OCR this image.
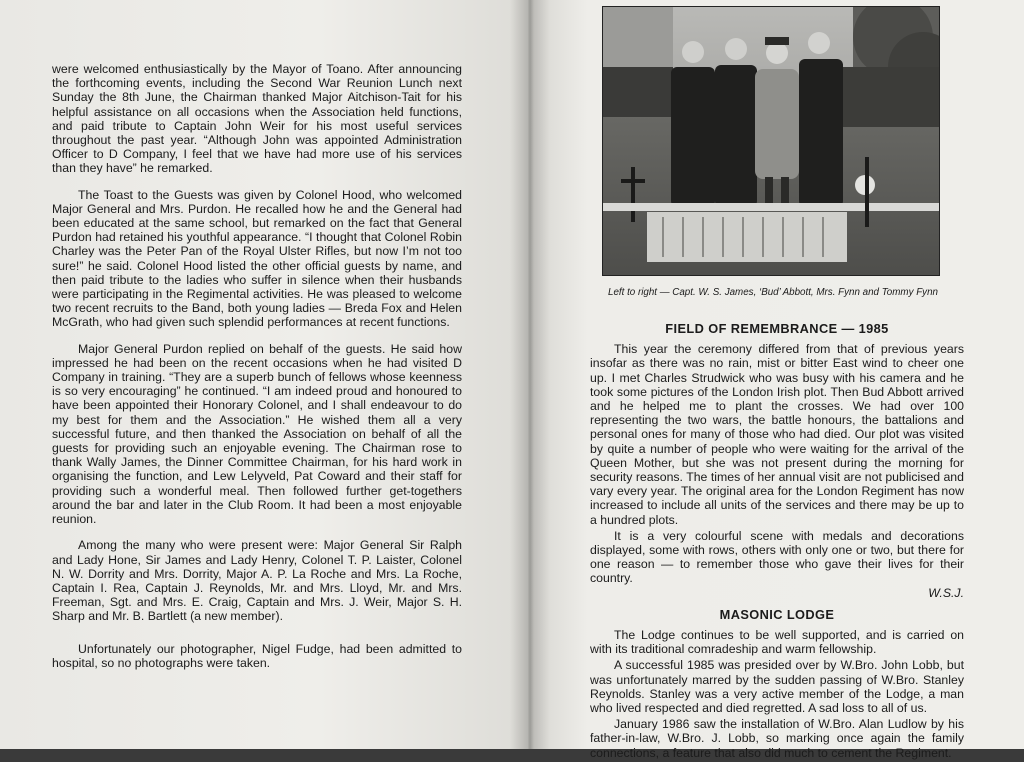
were welcomed enthusiastically by the Mayor of Toano. After announcing the forthcoming events, including the Second War Reunion Lunch next Sunday the 8th June, the Chairman thanked Major Aitchison-Tait for his helpful assistance on all occasions when the Association held functions, and paid tribute to Captain John Weir for his most useful services throughout the past year. “Although John was appointed Administration Officer to D Company, I feel that we have had more use of his services than they have” he remarked.

The Toast to the Guests was given by Colonel Hood, who welcomed Major General and Mrs. Purdon. He recalled how he and the General had been educated at the same school, but remarked on the fact that General Purdon had retained his youthful appearance. “I thought that Colonel Robin Charley was the Peter Pan of the Royal Ulster Rifles, but now I’m not too sure!” he said. Colonel Hood listed the other official guests by name, and then paid tribute to the ladies who suffer in silence when their husbands were participating in the Regimental activities. He was pleased to welcome two recent recruits to the Band, both young ladies — Breda Fox and Helen McGrath, who had given such splendid performances at recent functions.

Major General Purdon replied on behalf of the guests. He said how impressed he had been on the recent occasions when he had visited D Company in training. “They are a superb bunch of fellows whose keenness is so very encouraging” he continued. “I am indeed proud and honoured to have been appointed their Honorary Colonel, and I shall endeavour to do my best for them and the Association.” He wished them all a very successful future, and then thanked the Association on behalf of all the guests for providing such an enjoyable evening. The Chairman rose to thank Wally James, the Dinner Committee Chairman, for his hard work in organising the function, and Lew Lelyveld, Pat Coward and their staff for providing such a wonderful meal. Then followed further get-togethers around the bar and later in the Club Room. It had been a most enjoyable reunion.

Among the many who were present were: Major General Sir Ralph and Lady Hone, Sir James and Lady Henry, Colonel T. P. Laister, Colonel N. W. Dorrity and Mrs. Dorrity, Major A. P. La Roche and Mrs. La Roche, Captain I. Rea, Captain J. Reynolds, Mr. and Mrs. Lloyd, Mr. and Mrs. Freeman, Sgt. and Mrs. E. Craig, Captain and Mrs. J. Weir, Major S. H. Sharp and Mr. B. Bartlett (a new member).

Unfortunately our photographer, Nigel Fudge, had been admitted to hospital, so no photographs were taken.

Left to right — Capt. W. S. James, ‘Bud’ Abbott, Mrs. Fynn and Tommy Fynn
FIELD OF REMEMBRANCE — 1985

This year the ceremony differed from that of previous years insofar as there was no rain, mist or bitter East wind to cheer one up. I met Charles Strudwick who was busy with his camera and he took some pictures of the London Irish plot. Then Bud Abbott arrived and he helped me to plant the crosses. We had over 100 representing the two wars, the battle honours, the battalions and personal ones for many of those who had died. Our plot was visited by quite a number of people who were waiting for the arrival of the Queen Mother, but she was not present during the morning for security reasons. The times of her annual visit are not publicised and vary every year. The original area for the London Regiment has now increased to include all units of the services and there may be up to a hundred plots.

It is a very colourful scene with medals and decorations displayed, some with rows, others with only one or two, but there for one reason — to remember those who gave their lives for their country.

W.S.J.
MASONIC LODGE

The Lodge continues to be well supported, and is carried on with its traditional comradeship and warm fellowship.

A successful 1985 was presided over by W.Bro. John Lobb, but was unfortunately marred by the sudden passing of W.Bro. Stanley Reynolds. Stanley was a very active member of the Lodge, a man who lived respected and died regretted. A sad loss to all of us.

January 1986 saw the installation of W.Bro. Alan Ludlow by his father-in-law, W.Bro. J. Lobb, so marking once again the family connections, a feature that also did much to cement the Regiment.
